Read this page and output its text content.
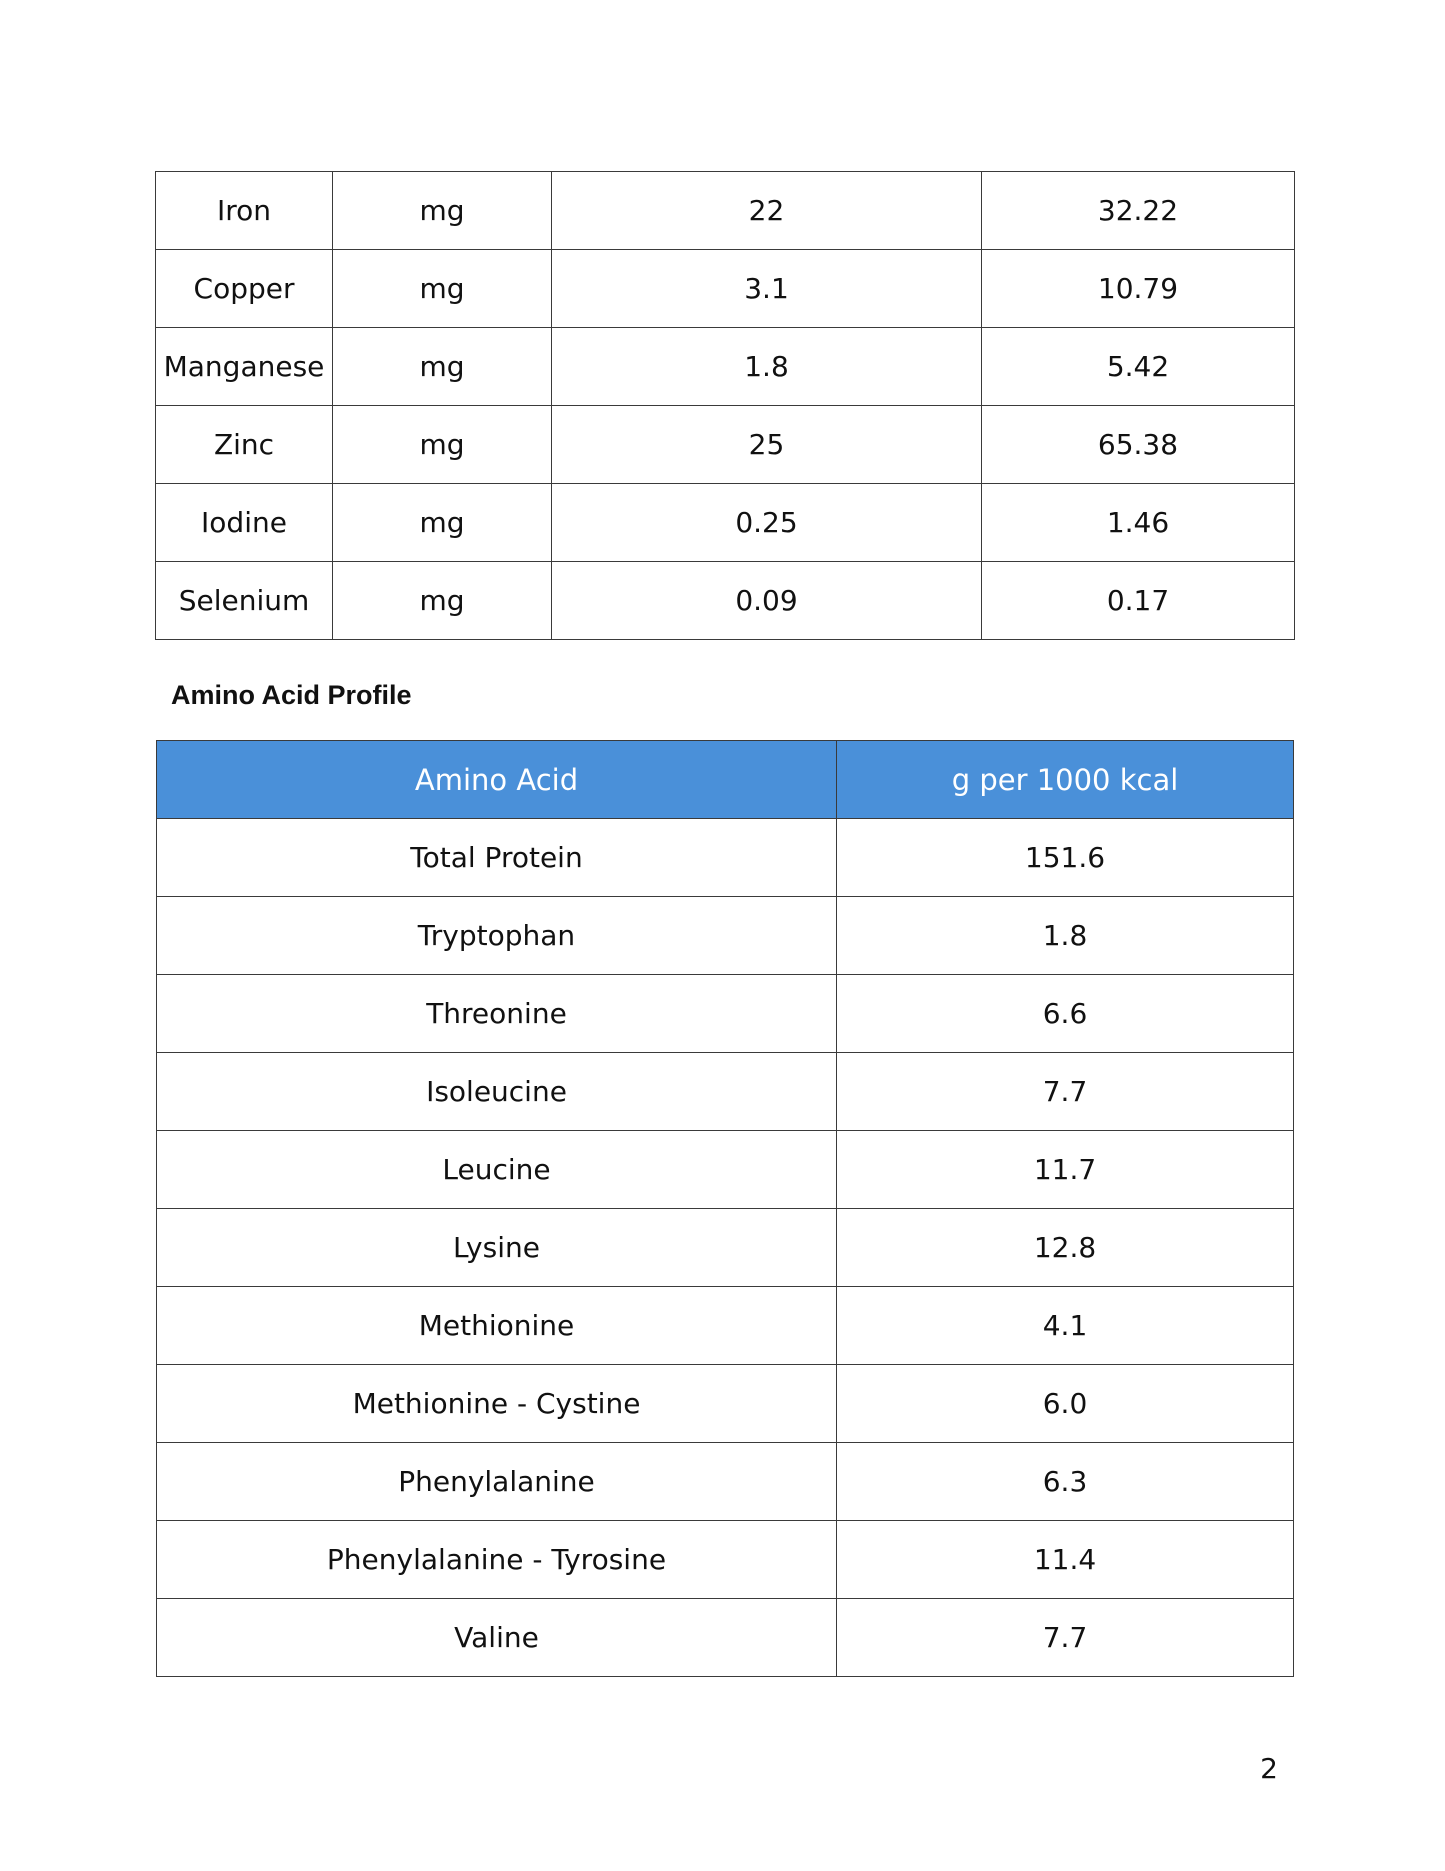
Iron	mg	22	32.22
Copper	mg	3.1	10.79
Manganese	mg	1.8	5.42
Zinc	mg	25	65.38
Iodine	mg	0.25	1.46
Selenium	mg	0.09	0.17
Amino Acid Profile
Amino Acid	g per 1000 kcal
Total Protein	151.6
Tryptophan	1.8
Threonine	6.6
Isoleucine	7.7
Leucine	11.7
Lysine	12.8
Methionine	4.1
Methionine - Cystine	6.0
Phenylalanine	6.3
Phenylalanine - Tyrosine	11.4
Valine	7.7
2
